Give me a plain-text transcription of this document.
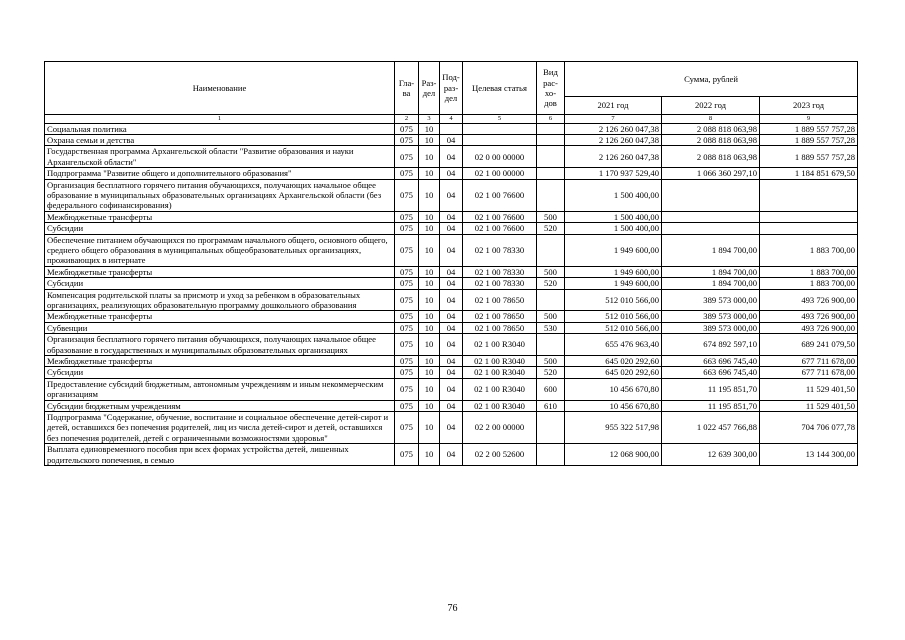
Наименование	Гла-ва	Раз-дел	Под-раз-дел	Целевая статья	Вид рас-хо-дов	Сумма, рублей		
						2021 год	2022 год	2023 год
1	2	3	4	5	6	7	8	9
Социальная политика	075	10				2 126 260 047,38	2 088 818 063,98	1 889 557 757,28
Охрана семьи и детства	075	10	04			2 126 260 047,38	2 088 818 063,98	1 889 557 757,28
Государственная программа Архангельской области "Развитие образования и науки Архангельской области"	075	10	04	02 0 00 00000		2 126 260 047,38	2 088 818 063,98	1 889 557 757,28
Подпрограмма "Развитие общего и дополнительного образования"	075	10	04	02 1 00 00000		1 170 937 529,40	1 066 360 297,10	1 184 851 679,50
Организация бесплатного горячего питания обучающихся, получающих начальное общее образование в муниципальных образовательных организациях Архангельской области (без федерального софинансирования)	075	10	04	02 1 00 76600		1 500 400,00		
Межбюджетные трансферты	075	10	04	02 1 00 76600	500	1 500 400,00		
Субсидии	075	10	04	02 1 00 76600	520	1 500 400,00		
Обеспечение питанием обучающихся по программам начального общего, основного общего, среднего общего образования в муниципальных общеобразовательных организациях, проживающих в интернате	075	10	04	02 1 00 78330		1 949 600,00	1 894 700,00	1 883 700,00
Межбюджетные трансферты	075	10	04	02 1 00 78330	500	1 949 600,00	1 894 700,00	1 883 700,00
Субсидии	075	10	04	02 1 00 78330	520	1 949 600,00	1 894 700,00	1 883 700,00
Компенсация родительской платы за присмотр и уход за ребенком в образовательных организациях, реализующих образовательную программу дошкольного образования	075	10	04	02 1 00 78650		512 010 566,00	389 573 000,00	493 726 900,00
Межбюджетные трансферты	075	10	04	02 1 00 78650	500	512 010 566,00	389 573 000,00	493 726 900,00
Субвенции	075	10	04	02 1 00 78650	530	512 010 566,00	389 573 000,00	493 726 900,00
Организация бесплатного горячего питания обучающихся, получающих начальное общее образование в государственных и муниципальных образовательных организациях	075	10	04	02 1 00 R3040		655 476 963,40	674 892 597,10	689 241 079,50
Межбюджетные трансферты	075	10	04	02 1 00 R3040	500	645 020 292,60	663 696 745,40	677 711 678,00
Субсидии	075	10	04	02 1 00 R3040	520	645 020 292,60	663 696 745,40	677 711 678,00
Предоставление субсидий бюджетным, автономным учреждениям и иным некоммерческим организациям	075	10	04	02 1 00 R3040	600	10 456 670,80	11 195 851,70	11 529 401,50
Субсидии бюджетным учреждениям	075	10	04	02 1 00 R3040	610	10 456 670,80	11 195 851,70	11 529 401,50
Подпрограмма "Содержание, обучение, воспитание и социальное обеспечение детей-сирот и детей, оставшихся без попечения родителей, лиц из числа детей-сирот и детей, оставшихся без попечения родителей, детей с ограниченными возможностями здоровья"	075	10	04	02 2 00 00000		955 322 517,98	1 022 457 766,88	704 706 077,78
Выплата единовременного пособия при всех формах устройства детей, лишенных родительского попечения, в семью	075	10	04	02 2 00 52600		12 068 900,00	12 639 300,00	13 144 300,00
76
